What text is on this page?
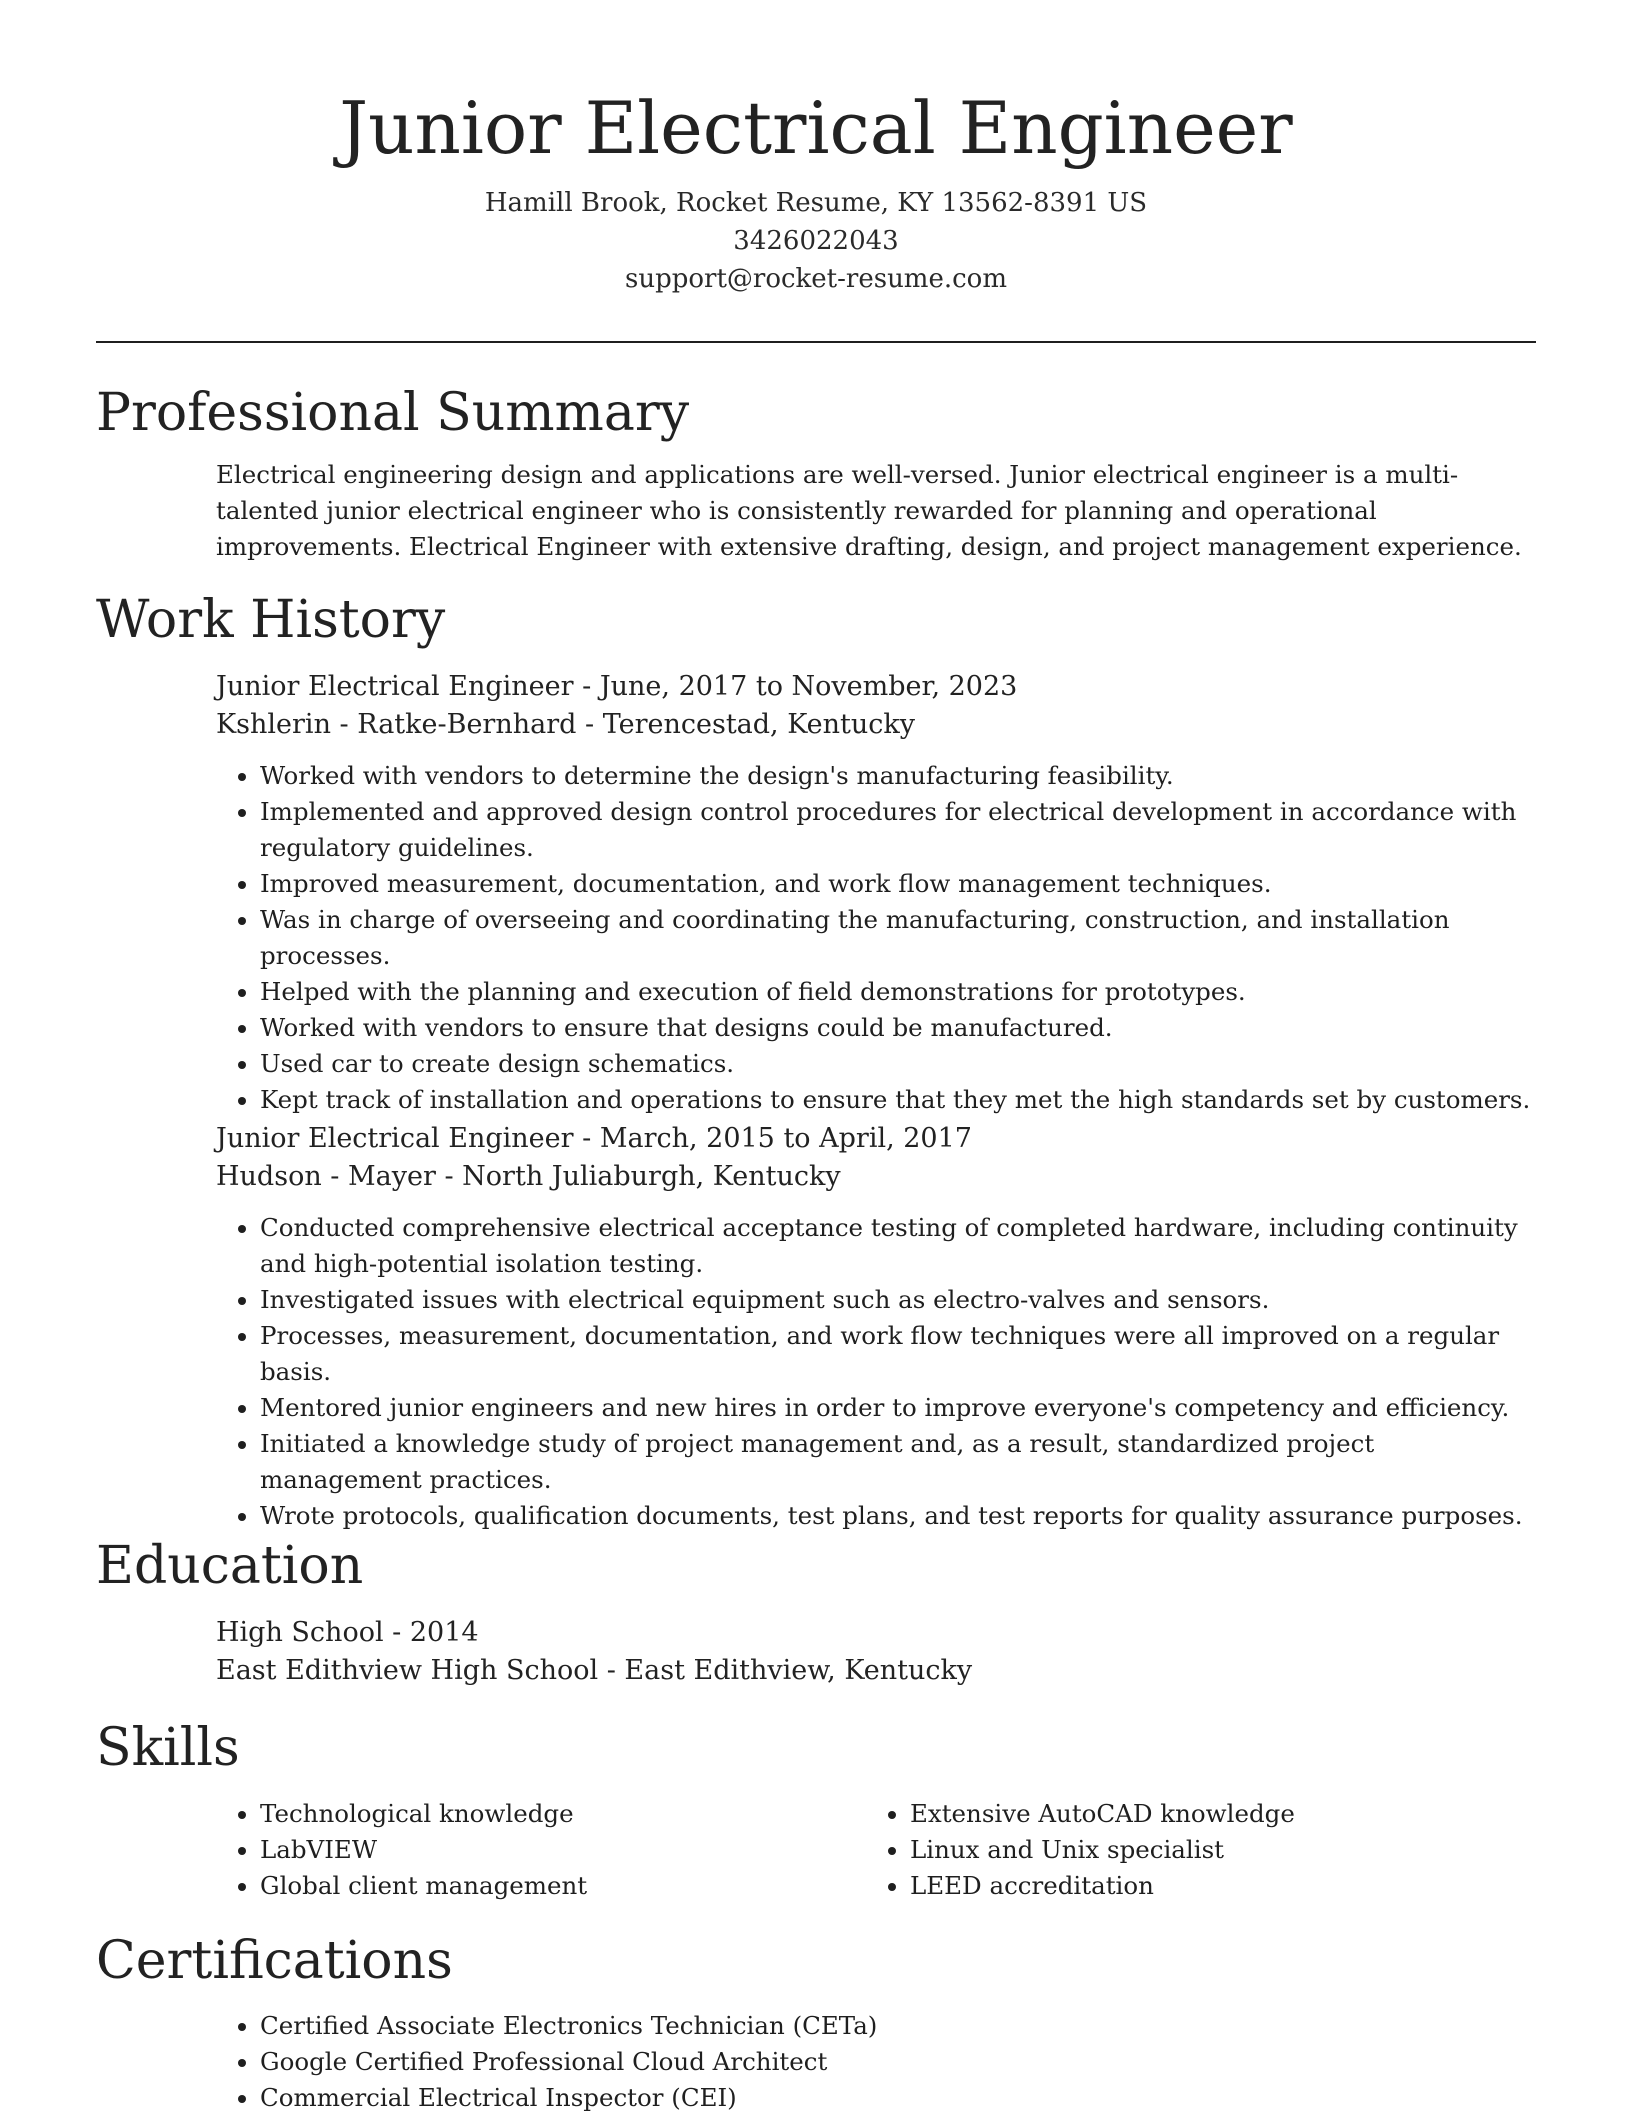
Junior Electrical Engineer
Hamill Brook, Rocket Resume, KY 13562-8391 US
3426022043
support@rocket-resume.com
Professional Summary
Electrical engineering design and applications are well-versed. Junior electrical engineer is a multi-talented junior electrical engineer who is consistently rewarded for planning and operational improvements. Electrical Engineer with extensive drafting, design, and project management experience.
Work History
Junior Electrical Engineer - June, 2017 to November, 2023
Kshlerin - Ratke-Bernhard - Terencestad, Kentucky
• Worked with vendors to determine the design's manufacturing feasibility.
• Implemented and approved design control procedures for electrical development in accordance with regulatory guidelines.
• Improved measurement, documentation, and work flow management techniques.
• Was in charge of overseeing and coordinating the manufacturing, construction, and installation processes.
• Helped with the planning and execution of field demonstrations for prototypes.
• Worked with vendors to ensure that designs could be manufactured.
• Used car to create design schematics.
• Kept track of installation and operations to ensure that they met the high standards set by customers.
Junior Electrical Engineer - March, 2015 to April, 2017
Hudson - Mayer - North Juliaburgh, Kentucky
• Conducted comprehensive electrical acceptance testing of completed hardware, including continuity and high-potential isolation testing.
• Investigated issues with electrical equipment such as electro-valves and sensors.
• Processes, measurement, documentation, and work flow techniques were all improved on a regular basis.
• Mentored junior engineers and new hires in order to improve everyone's competency and efficiency.
• Initiated a knowledge study of project management and, as a result, standardized project management practices.
• Wrote protocols, qualification documents, test plans, and test reports for quality assurance purposes.
Education
High School - 2014
East Edithview High School - East Edithview, Kentucky
Skills
• Technological knowledge
• LabVIEW
• Global client management
• Extensive AutoCAD knowledge
• Linux and Unix specialist
• LEED accreditation
Certifications
• Certified Associate Electronics Technician (CETa)
• Google Certified Professional Cloud Architect
• Commercial Electrical Inspector (CEI)
